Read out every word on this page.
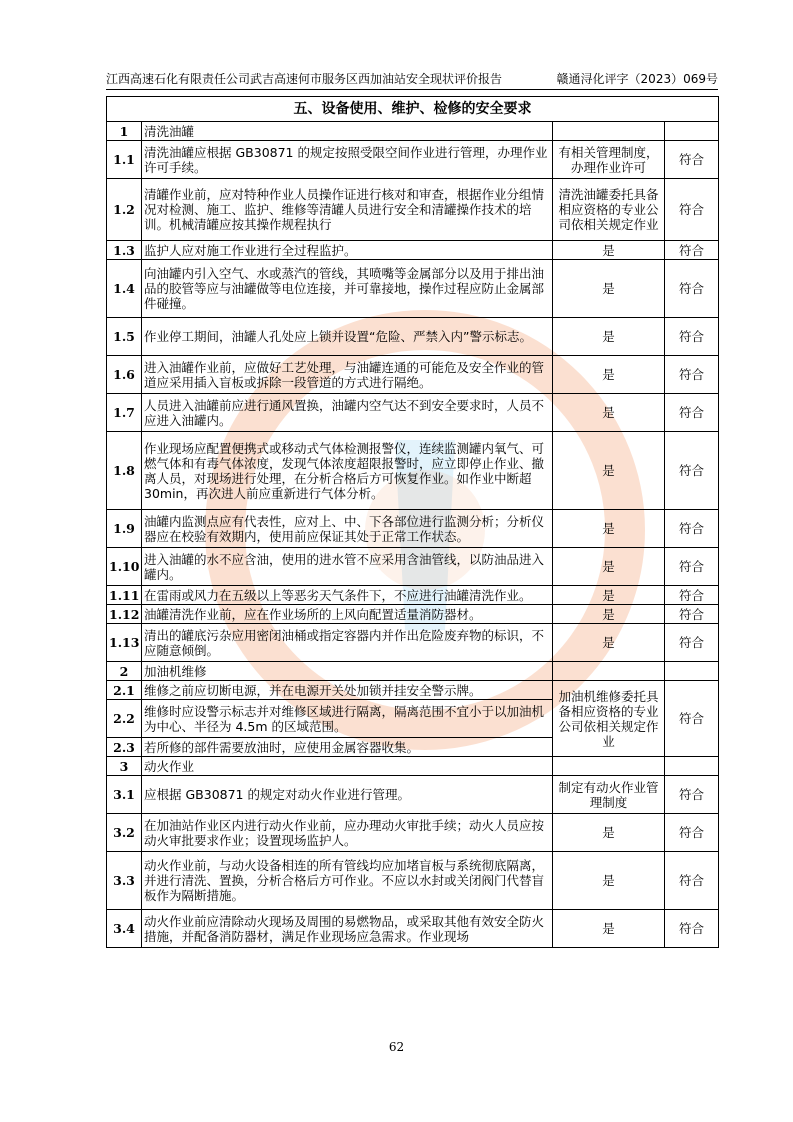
江西高速石化有限责任公司武吉高速何市服务区西加油站安全现状评价报告	赣通浔化评字（2023）069号
五、设备使用、维护、检修的安全要求			
1	清洗油罐		
1.1	清洗油罐应根据 GB30871 的规定按照受限空间作业进行管理，办理作业许可手续。	有相关管理制度，办理作业许可	符合
1.2	清罐作业前，应对特种作业人员操作证进行核对和审查，根据作业分组情况对检测、施工、监护、维修等清罐人员进行安全和清罐操作技术的培训。机械清罐应按其操作规程执行	清洗油罐委托具备相应资格的专业公司依相关规定作业	符合
1.3	监护人应对施工作业进行全过程监护。	是	符合
1.4	向油罐内引入空气、水或蒸汽的管线，其喷嘴等金属部分以及用于排出油品的胶管等应与油罐做等电位连接，并可靠接地，操作过程应防止金属部件碰撞。	是	符合
1.5	作业停工期间，油罐人孔处应上锁并设置“危险、严禁入内”警示标志。	是	符合
1.6	进入油罐作业前，应做好工艺处理，与油罐连通的可能危及安全作业的管道应采用插入盲板或拆除一段管道的方式进行隔绝。	是	符合
1.7	人员进入油罐前应进行通风置换，油罐内空气达不到安全要求时，人员不应进入油罐内。	是	符合
1.8	作业现场应配置便携式或移动式气体检测报警仪，连续监测罐内氧气、可燃气体和有毒气体浓度，发现气体浓度超限报警时，应立即停止作业、撤离人员，对现场进行处理，在分析合格后方可恢复作业。如作业中断超 30min，再次进人前应重新进行气体分析。	是	符合
1.9	油罐内监测点应有代表性，应对上、中、下各部位进行监测分析；分析仪器应在校验有效期内，使用前应保证其处于正常工作状态。	是	符合
1.10	进入油罐的水不应含油，使用的进水管不应采用含油管线，以防油品进入罐内。	是	符合
1.11	在雷雨或风力在五级以上等恶劣天气条件下，不应进行油罐清洗作业。	是	符合
1.12	油罐清洗作业前，应在作业场所的上风向配置适量消防器材。	是	符合
1.13	清出的罐底污杂应用密闭油桶或指定容器内并作出危险废弃物的标识，不应随意倾倒。	是	符合
2	加油机维修		
2.1	维修之前应切断电源，并在电源开关处加锁并挂安全警示牌。	加油机维修委托具备相应资格的专业公司依相关规定作业	符合
2.2	维修时应设警示标志并对维修区域进行隔离，隔离范围不宜小于以加油机为中心、半径为 4.5m 的区域范围。		
2.3	若所修的部件需要放油时，应使用金属容器收集。		
3	动火作业		
3.1	应根据 GB30871 的规定对动火作业进行管理。	制定有动火作业管理制度	符合
3.2	在加油站作业区内进行动火作业前，应办理动火审批手续；动火人员应按动火审批要求作业；设置现场监护人。	是	符合
3.3	动火作业前，与动火设备相连的所有管线均应加堵盲板与系统彻底隔离，并进行清洗、置换，分析合格后方可作业。不应以水封或关闭阀门代替盲板作为隔断措施。	是	符合
3.4	动火作业前应清除动火现场及周围的易燃物品，或采取其他有效安全防火措施，并配备消防器材，满足作业现场应急需求。作业现场	是	符合
62
